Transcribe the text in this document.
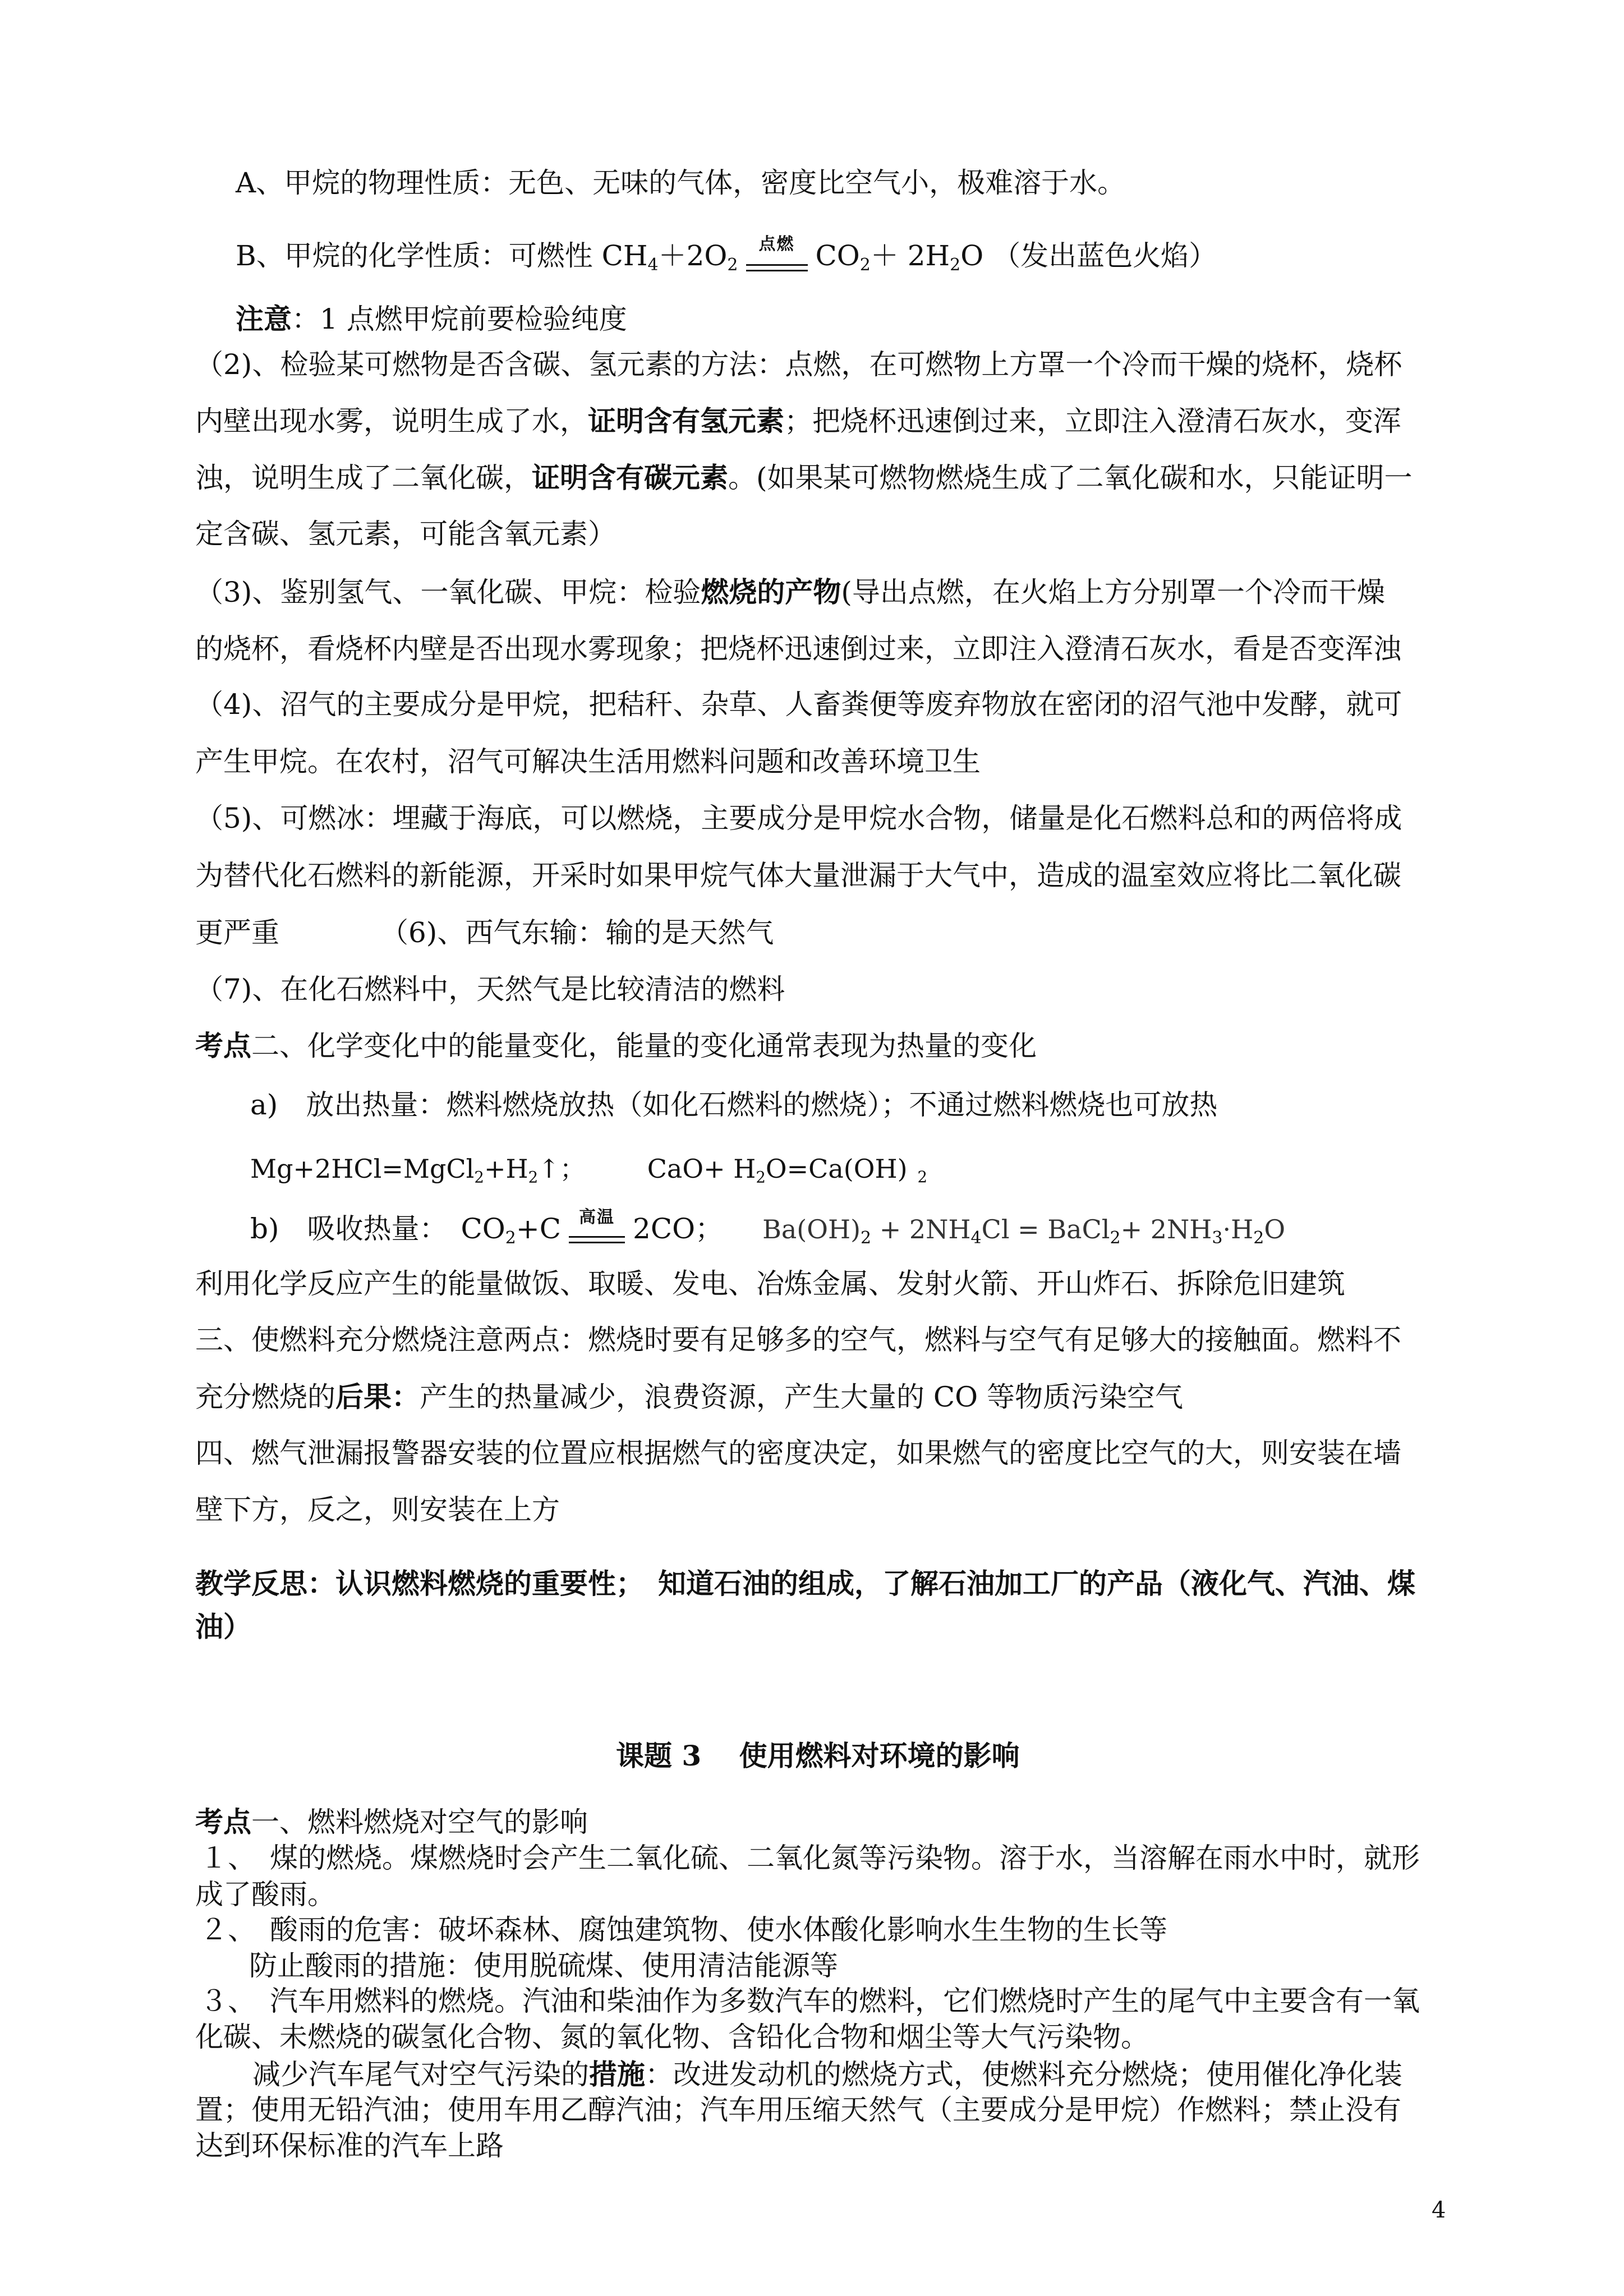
A、甲烷的物理性质：无色、无味的气体，密度比空气小，极难溶于水。
B、甲烷的化学性质：可燃性 $CH_4+2O_2$
点燃 $CO_2+ 2H_2O$ （发出蓝色火焰）
注意：1 点燃甲烷前要检验纯度
（2)、检验某可燃物是否含碳、氢元素的方法：点燃，在可燃物上方罩一个冷而干燥的烧杯，烧杯
内壁出现水雾，说明生成了水，证明含有氢元素；把烧杯迅速倒过来，立即注入澄清石灰水，变浑
浊，说明生成了二氧化碳，证明含有碳元素。(如果某可燃物燃烧生成了二氧化碳和水，只能证明一
定含碳、氢元素，可能含氧元素）
（3)、鉴别氢气、一氧化碳、甲烷：检验燃烧的产物(导出点燃，在火焰上方分别罩一个冷而干燥
的烧杯，看烧杯内壁是否出现水雾现象；把烧杯迅速倒过来，立即注入澄清石灰水，看是否变浑浊
（4)、沼气的主要成分是甲烷，把秸秆、杂草、人畜粪便等废弃物放在密闭的沼气池中发酵，就可
产生甲烷。在农村，沼气可解决生活用燃料问题和改善环境卫生
（5)、可燃冰：埋藏于海底，可以燃烧，主要成分是甲烷水合物，储量是化石燃料总和的两倍将成
为替代化石燃料的新能源，开采时如果甲烷气体大量泄漏于大气中，造成的温室效应将比二氧化碳
更严重	（6)、西气东输：输的是天然气
（7)、在化石燃料中，天然气是比较清洁的燃料
考点二、化学变化中的能量变化，能量的变化通常表现为热量的变化
a)　放出热量：燃料燃烧放热（如化石燃料的燃烧）；不通过燃料燃烧也可放热
$Mg+2HCl=MgCl_2+H_2↑$； $CaO+ H_2O=Ca(OH)$ $_2$
b)　吸收热量： $CO_2+C$	高温 2CO； $Ba(OH)_2 + 2NH_4Cl$ = BaCl$_2$+ $2NH_3\cdot H_2O$
利用化学反应产生的能量做饭、取暖、发电、冶炼金属、发射火箭、开山炸石、拆除危旧建筑
三、使燃料充分燃烧注意两点：燃烧时要有足够多的空气，燃料与空气有足够大的接触面。燃料不
充分燃烧的后果：产生的热量减少，浪费资源，产生大量的 CO 等物质污染空气
四、燃气泄漏报警器安装的位置应根据燃气的密度决定，如果燃气的密度比空气的大，则安装在墙
壁下方，反之，则安装在上方
教学反思：认识燃料燃烧的重要性；　知道石油的组成，了解石油加工厂的产品（液化气、汽油、煤
油）
课题 3　 使用燃料对环境的影响
考点一、燃料燃烧对空气的影响
１、　煤的燃烧。煤燃烧时会产生二氧化硫、二氧化氮等污染物。溶于水，当溶解在雨水中时，就形
成了酸雨。
２、　酸雨的危害：破坏森林、腐蚀建筑物、使水体酸化影响水生生物的生长等
防止酸雨的措施：使用脱硫煤、使用清洁能源等
３、　汽车用燃料的燃烧。汽油和柴油作为多数汽车的燃料，它们燃烧时产生的尾气中主要含有一氧
化碳、未燃烧的碳氢化合物、氮的氧化物、含铅化合物和烟尘等大气污染物。
减少汽车尾气对空气污染的措施：改进发动机的燃烧方式，使燃料充分燃烧；使用催化净化装
置；使用无铅汽油；使用车用乙醇汽油；汽车用压缩天然气（主要成分是甲烷）作燃料；禁止没有
达到环保标准的汽车上路
4
